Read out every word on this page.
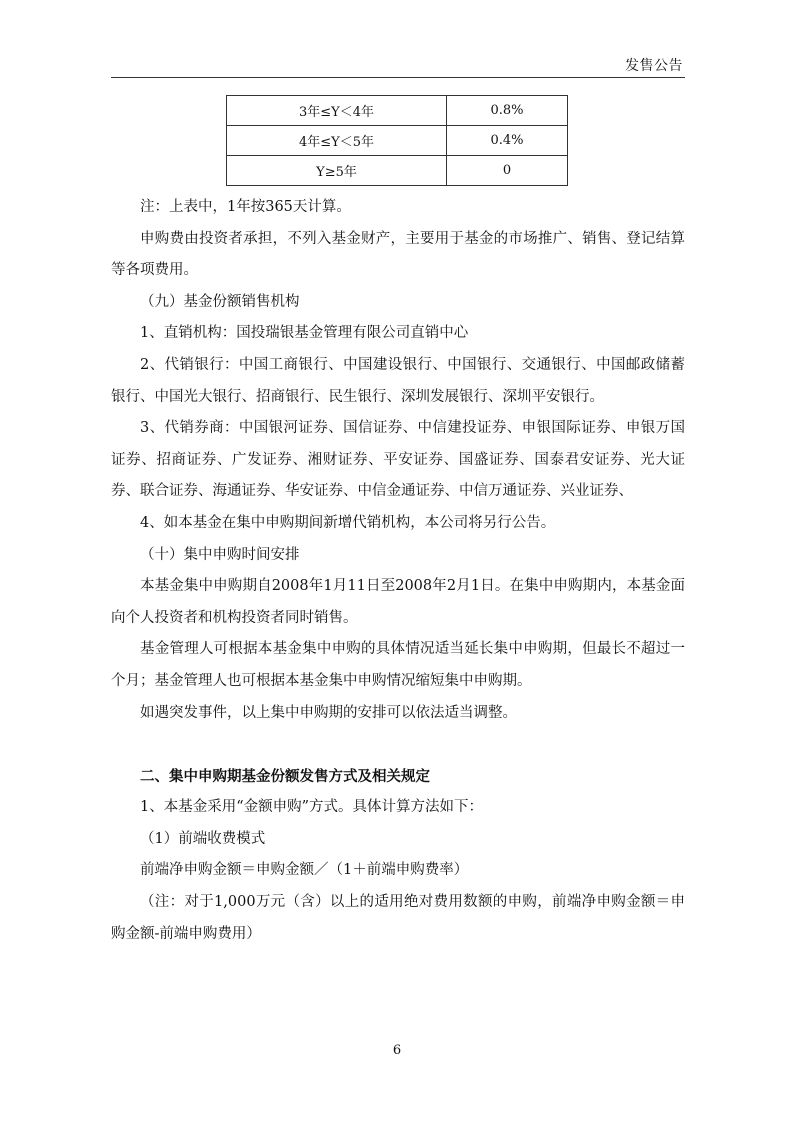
发售公告
3年≤Y＜4年	0.8%
4年≤Y＜5年	0.4%
Y≥5年	0

注：上表中，1年按365天计算。

申购费由投资者承担，不列入基金财产，主要用于基金的市场推广、销售、登记结算等各项费用。

（九）基金份额销售机构

1、直销机构：国投瑞银基金管理有限公司直销中心

2、代销银行：中国工商银行、中国建设银行、中国银行、交通银行、中国邮政储蓄银行、中国光大银行、招商银行、民生银行、深圳发展银行、深圳平安银行。

3、代销券商：中国银河证券、国信证券、中信建投证券、申银国际证券、申银万国证券、招商证券、广发证券、湘财证券、平安证券、国盛证券、国泰君安证券、光大证券、联合证券、海通证券、华安证券、中信金通证券、中信万通证券、兴业证券、

4、如本基金在集中申购期间新增代销机构，本公司将另行公告。

（十）集中申购时间安排

本基金集中申购期自2008年1月11日至2008年2月1日。在集中申购期内，本基金面向个人投资者和机构投资者同时销售。

基金管理人可根据本基金集中申购的具体情况适当延长集中申购期，但最长不超过一个月；基金管理人也可根据本基金集中申购情况缩短集中申购期。

如遇突发事件，以上集中申购期的安排可以依法适当调整。

二、集中申购期基金份额发售方式及相关规定

1、本基金采用“金额申购”方式。具体计算方法如下：

（1）前端收费模式

前端净申购金额＝申购金额／（1＋前端申购费率）

（注：对于1,000万元（含）以上的适用绝对费用数额的申购，前端净申购金额＝申购金额-前端申购费用）

6
